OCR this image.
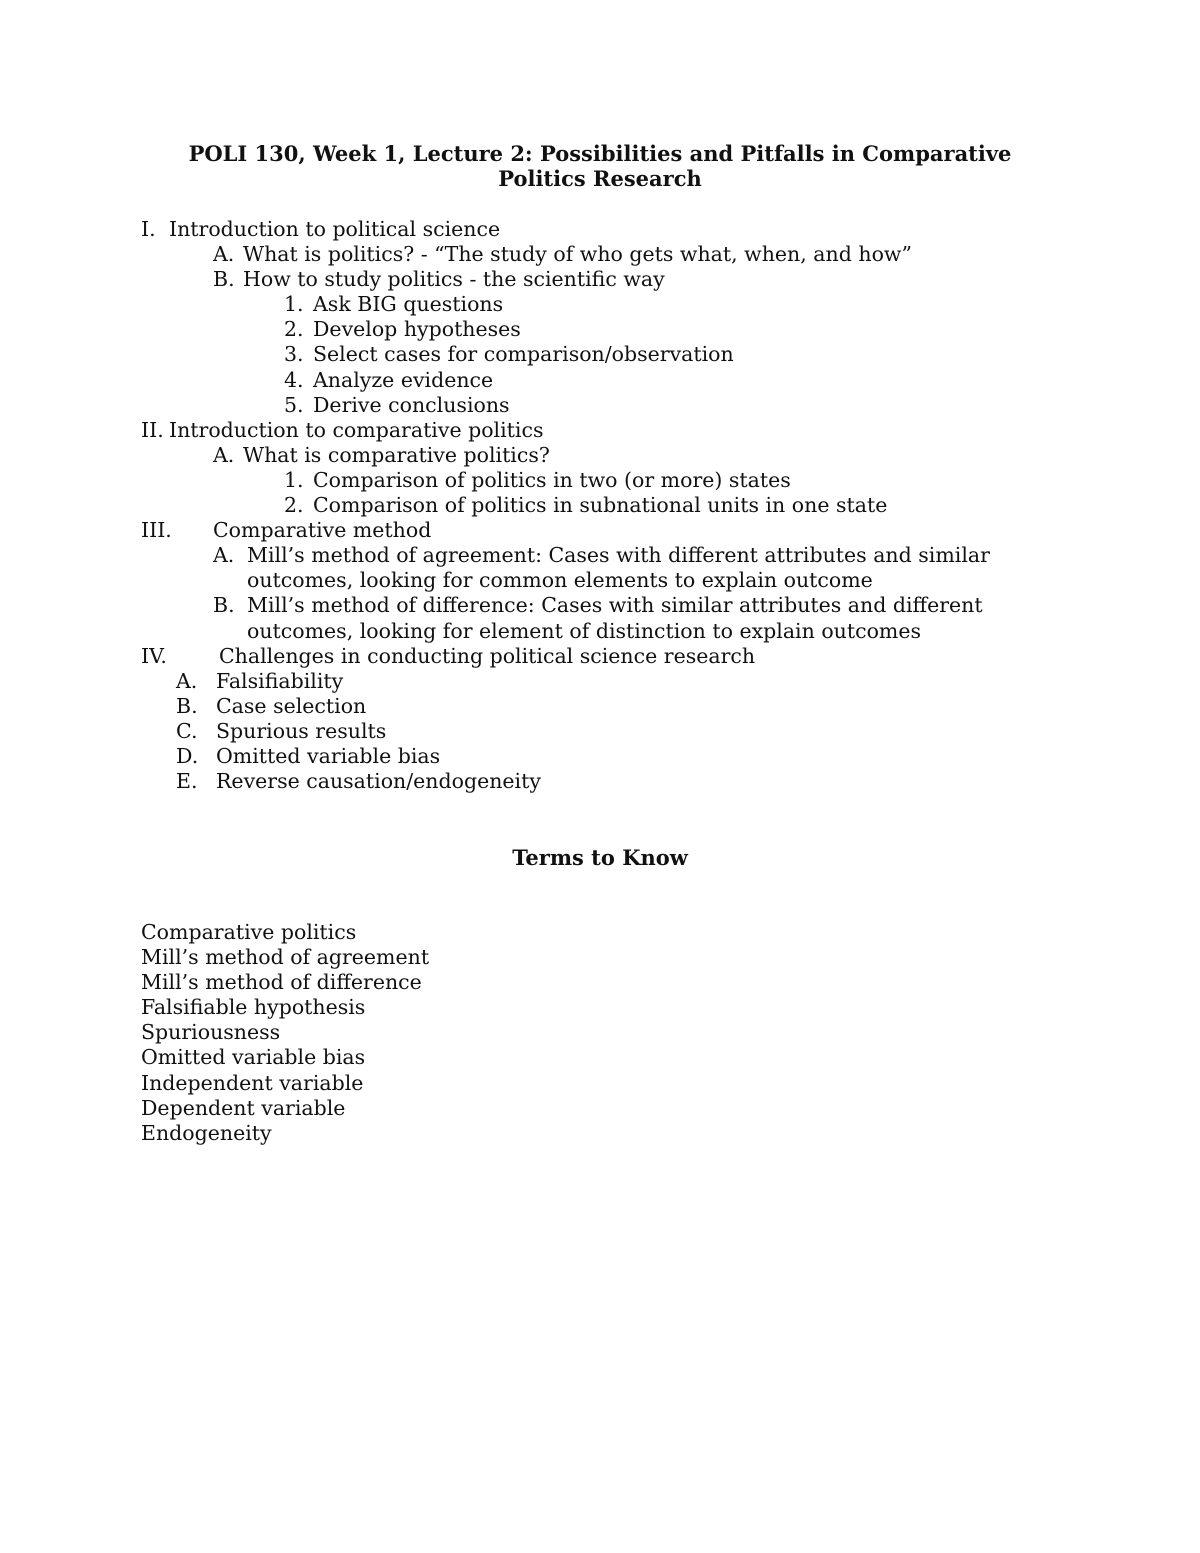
POLI 130, Week 1, Lecture 2: Possibilities and Pitfalls in Comparative
Politics Research
I. Introduction to political science
A. What is politics? - “The study of who gets what, when, and how”
B. How to study politics - the scientific way
1. Ask BIG questions
2. Develop hypotheses
3. Select cases for comparison/observation
4. Analyze evidence
5. Derive conclusions
II. Introduction to comparative politics
A. What is comparative politics?
1. Comparison of politics in two (or more) states
2. Comparison of politics in subnational units in one state
III. Comparative method
A. Mill’s method of agreement: Cases with different attributes and similar
outcomes, looking for common elements to explain outcome
B. Mill’s method of difference: Cases with similar attributes and different
outcomes, looking for element of distinction to explain outcomes
IV.	Challenges in conducting political science research
A. Falsifiability
B. Case selection
C. Spurious results
D. Omitted variable bias
E. Reverse causation/endogeneity
Terms to Know
Comparative politics
Mill’s method of agreement
Mill’s method of difference
Falsifiable hypothesis
Spuriousness
Omitted variable bias
Independent variable
Dependent variable
Endogeneity
